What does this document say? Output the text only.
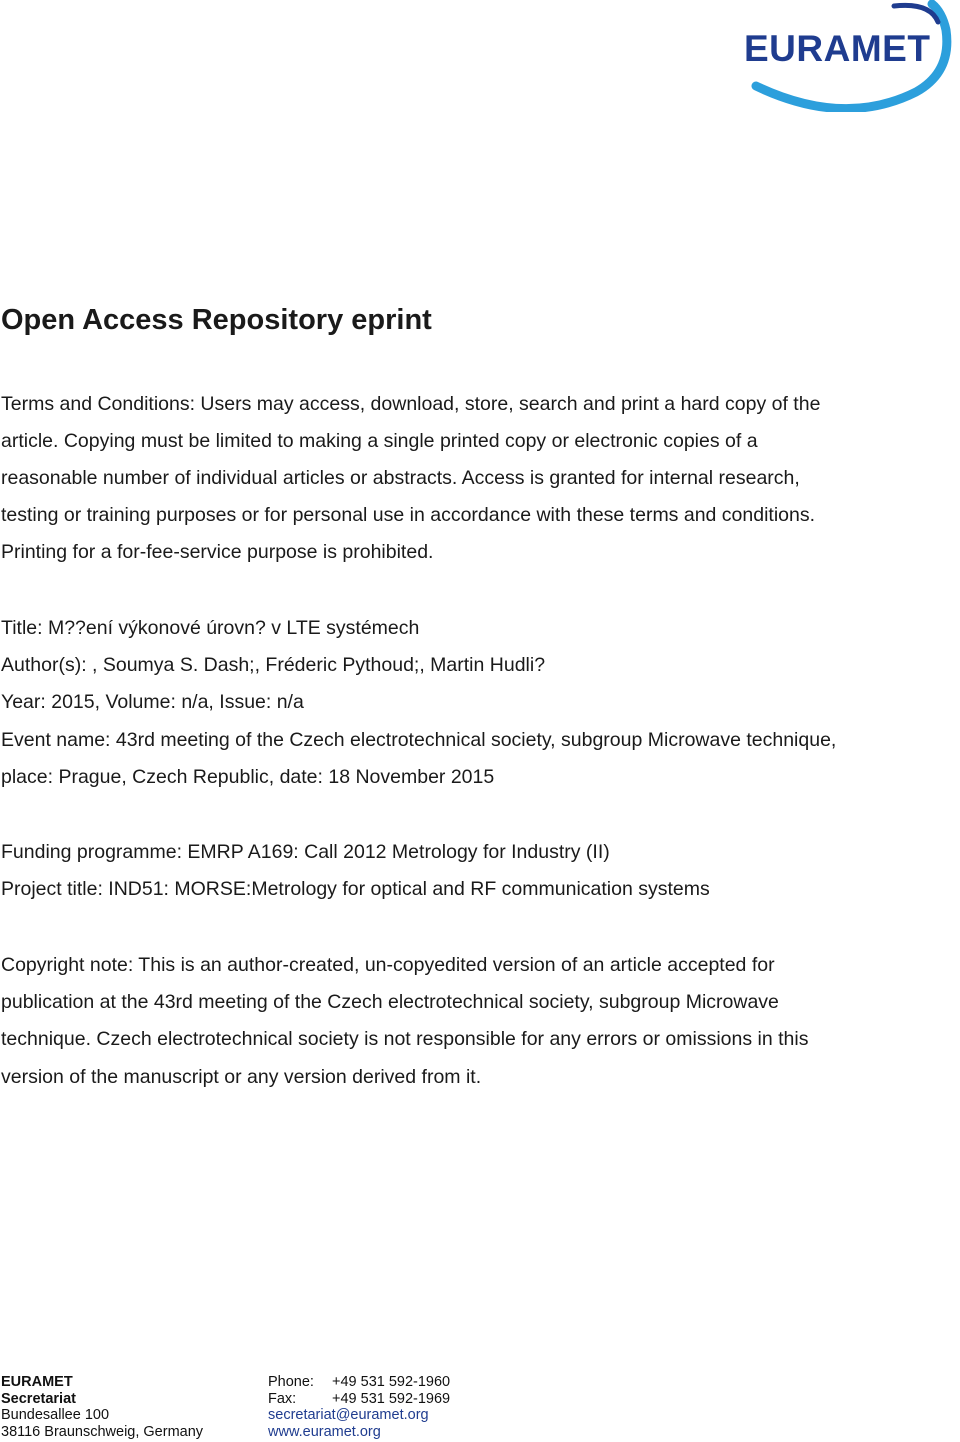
EURAMET
Open Access Repository eprint

Terms and Conditions: Users may access, download, store, search and print a hard copy of the

article. Copying must be limited to making a single printed copy or electronic copies of a

reasonable number of individual articles or abstracts. Access is granted for internal research,

testing or training purposes or for personal use in accordance with these terms and conditions.

Printing for a for-fee-service purpose is prohibited.

Title: M??ení výkonové úrovn? v LTE systémech

Author(s): , Soumya S. Dash;, Fréderic Pythoud;, Martin Hudli?

Year: 2015, Volume: n/a, Issue: n/a

Event name: 43rd meeting of the Czech electrotechnical society, subgroup Microwave technique,

place: Prague, Czech Republic, date: 18 November 2015

Funding programme: EMRP A169: Call 2012 Metrology for Industry (II)

Project title: IND51: MORSE:Metrology for optical and RF communication systems

Copyright note: This is an author-created, un-copyedited version of an article accepted for

publication at the 43rd meeting of the Czech electrotechnical society, subgroup Microwave

technique. Czech electrotechnical society is not responsible for any errors or omissions in this

version of the manuscript or any version derived from it.

EURAMET
Secretariat
Bundesallee 100
38116 Braunschweig, Germany
Phone: +49 531 592-1960
Fax: +49 531 592-1969
secretariat@euramet.org
www.euramet.org
